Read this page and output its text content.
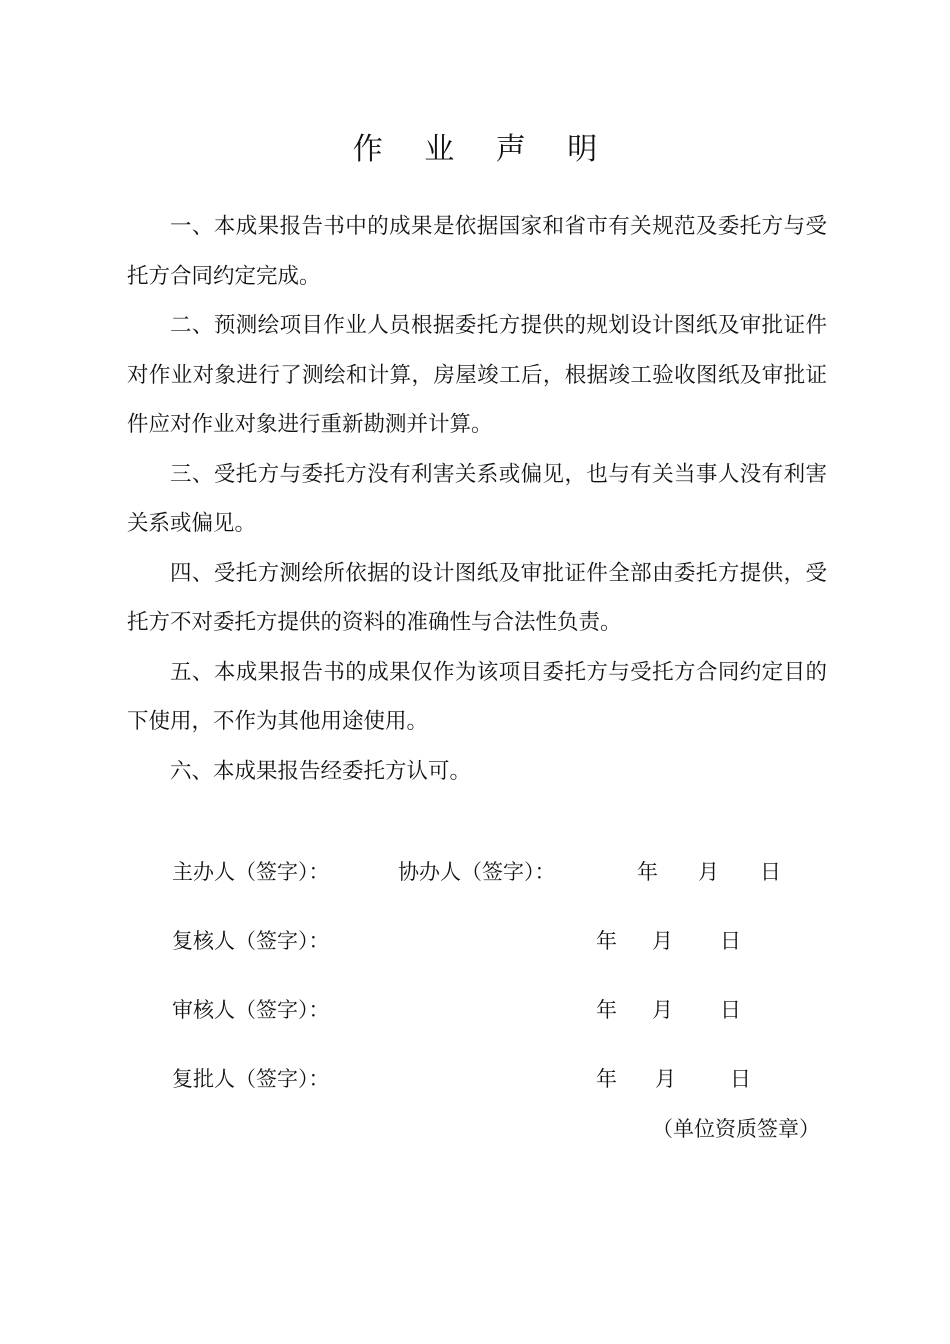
作 业 声 明

一、本成果报告书中的成果是依据国家和省市有关规范及委托方与受托方合同约定完成。

二、预测绘项目作业人员根据委托方提供的规划设计图纸及审批证件对作业对象进行了测绘和计算，房屋竣工后，根据竣工验收图纸及审批证件应对作业对象进行重新勘测并计算。

三、受托方与委托方没有利害关系或偏见，也与有关当事人没有利害关系或偏见。

四、受托方测绘所依据的设计图纸及审批证件全部由委托方提供，受托方不对委托方提供的资料的准确性与合法性负责。

五、本成果报告书的成果仅作为该项目委托方与受托方合同约定目的下使用，不作为其他用途使用。

六、本成果报告经委托方认可。

主办人（签字）：	协办人（签字）：	年 月 日
复核人（签字）：	年 月 日
审核人（签字）：	年 月 日
复批人（签字）：	年 月	日
（单位资质签章）
